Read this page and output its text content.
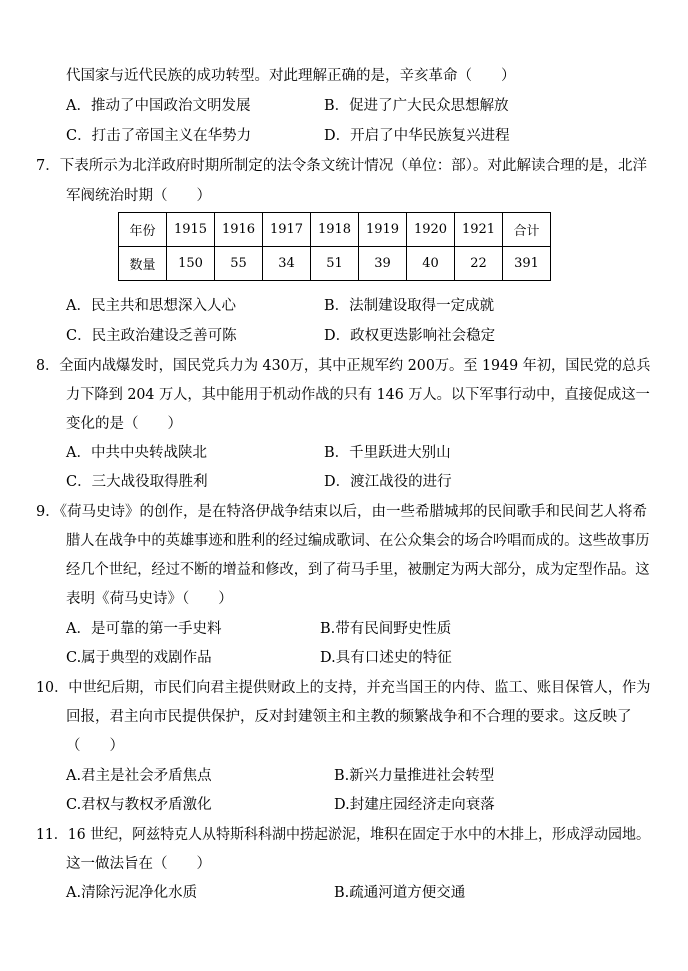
代国家与近代民族的成功转型。对此理解正确的是，辛亥革命（　　）
A．推动了中国政治文明发展	B．促进了广大民众思想解放
C．打击了帝国主义在华势力	D．开启了中华民族复兴进程
7．下表所示为北洋政府时期所制定的法令条文统计情况（单位：部）。对此解读合理的是，北洋
军阀统治时期（　　）
年份	1915	1916	1917	1918	1919	1920	1921	合计
数量	150	55	34	51	39	40	22	391
A．民主共和思想深入人心	B．法制建设取得一定成就
C．民主政治建设乏善可陈	D．政权更迭影响社会稳定
8．全面内战爆发时，国民党兵力为 430万，其中正规军约 200万。至 1949 年初，国民党的总兵
力下降到 204 万人，其中能用于机动作战的只有 146 万人。以下军事行动中，直接促成这一
变化的是（　　）
A．中共中央转战陕北	B．千里跃进大别山
C．三大战役取得胜利	D．渡江战役的进行
9．《荷马史诗》的创作，是在特洛伊战争结束以后，由一些希腊城邦的民间歌手和民间艺人将希
腊人在战争中的英雄事迹和胜利的经过编成歌词、在公众集会的场合吟唱而成的。这些故事历
经几个世纪，经过不断的增益和修改，到了荷马手里，被删定为两大部分，成为定型作品。这
表明《荷马史诗》（　　）
A．是可靠的第一手史料	B.带有民间野史性质
C.属于典型的戏剧作品	D.具有口述史的特征
10．中世纪后期，市民们向君主提供财政上的支持，并充当国王的内侍、监工、账目保管人，作为
回报，君主向市民提供保护，反对封建领主和主教的频繁战争和不合理的要求。这反映了
（　　）
A.君主是社会矛盾焦点	B.新兴力量推进社会转型
C.君权与教权矛盾激化	D.封建庄园经济走向衰落
11．16 世纪，阿兹特克人从特斯科科湖中捞起淤泥，堆积在固定于水中的木排上，形成浮动园地。
这一做法旨在（　　）
A.清除污泥净化水质	B.疏通河道方便交通
